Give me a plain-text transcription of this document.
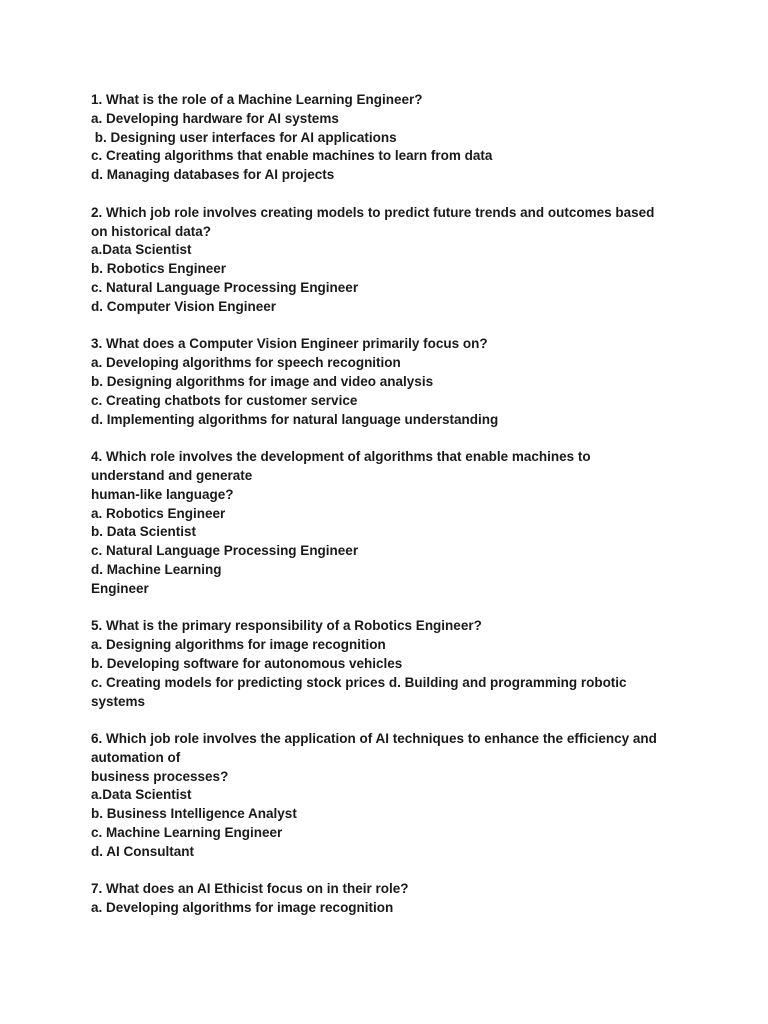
1. What is the role of a Machine Learning Engineer?
a. Developing hardware for AI systems
b. Designing user interfaces for AI applications
c. Creating algorithms that enable machines to learn from data
d. Managing databases for AI projects
2. Which job role involves creating models to predict future trends and outcomes based
on historical data?
a.Data Scientist
b. Robotics Engineer
c. Natural Language Processing Engineer
d. Computer Vision Engineer
3. What does a Computer Vision Engineer primarily focus on?
a. Developing algorithms for speech recognition
b. Designing algorithms for image and video analysis
c. Creating chatbots for customer service
d. Implementing algorithms for natural language understanding
4. Which role involves the development of algorithms that enable machines to
understand and generate
human-like language?
a. Robotics Engineer
b. Data Scientist
c. Natural Language Processing Engineer
d. Machine Learning
Engineer
5. What is the primary responsibility of a Robotics Engineer?
a. Designing algorithms for image recognition
b. Developing software for autonomous vehicles
c. Creating models for predicting stock prices d. Building and programming robotic
systems
6. Which job role involves the application of AI techniques to enhance the efficiency and
automation of
business processes?
a.Data Scientist
b. Business Intelligence Analyst
c. Machine Learning Engineer
d. AI Consultant
7. What does an AI Ethicist focus on in their role?
a. Developing algorithms for image recognition
